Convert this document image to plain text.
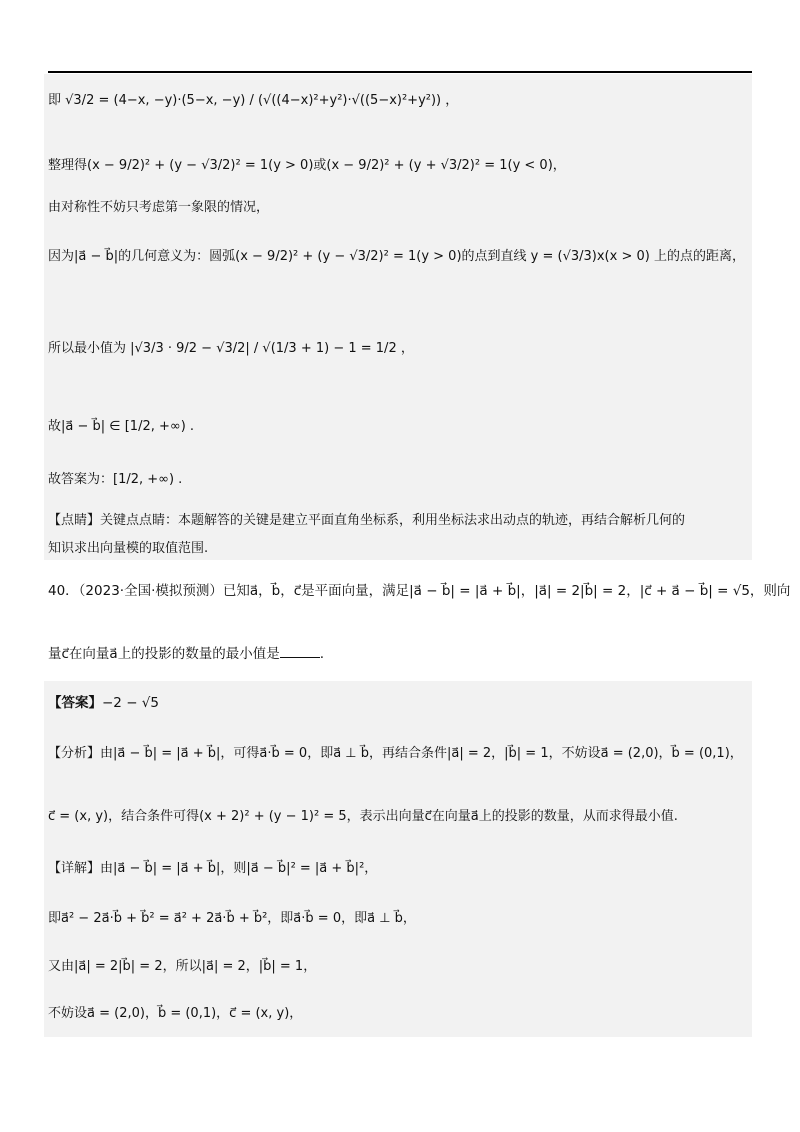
即 √3/2 = (4−x, −y)·(5−x, −y) / (√((4−x)²+y²)·√((5−x)²+y²)) ，
整理得(x − 9/2)² + (y − √3/2)² = 1(y > 0)或(x − 9/2)² + (y + √3/2)² = 1(y < 0)，
由对称性不妨只考虑第一象限的情况，
因为|a⃗ − b⃗|的几何意义为：圆弧(x − 9/2)² + (y − √3/2)² = 1(y > 0)的点到直线 y = (√3/3)x(x > 0) 上的点的距离，
所以最小值为 |√3/3 · 9/2 − √3/2| / √(1/3 + 1) − 1 = 1/2 ，
故|a⃗ − b⃗| ∈ [1/2, +∞) .
故答案为：[1/2, +∞) .
【点睛】关键点点睛：本题解答的关键是建立平面直角坐标系，利用坐标法求出动点的轨迹，再结合解析几何的
知识求出向量模的取值范围.
40．（2023·全国·模拟预测）已知a⃗，b⃗，c⃗是平面向量，满足|a⃗ − b⃗| = |a⃗ + b⃗|，|a⃗| = 2|b⃗| = 2，|c⃗ + a⃗ − b⃗| = √5，则向
量c⃗在向量a⃗上的投影的数量的最小值是	.
【答案】−2 − √5
【分析】由|a⃗ − b⃗| = |a⃗ + b⃗|，可得a⃗·b⃗ = 0，即a⃗ ⊥ b⃗，再结合条件|a⃗| = 2，|b⃗| = 1，不妨设a⃗ = (2,0)，b⃗ = (0,1)，
c⃗ = (x, y)，结合条件可得(x + 2)² + (y − 1)² = 5，表示出向量c⃗在向量a⃗上的投影的数量，从而求得最小值.
【详解】由|a⃗ − b⃗| = |a⃗ + b⃗|，则|a⃗ − b⃗|² = |a⃗ + b⃗|²，
即a⃗² − 2a⃗·b⃗ + b⃗² = a⃗² + 2a⃗·b⃗ + b⃗²，即a⃗·b⃗ = 0，即a⃗ ⊥ b⃗，
又由|a⃗| = 2|b⃗| = 2，所以|a⃗| = 2，|b⃗| = 1，
不妨设a⃗ = (2,0)，b⃗ = (0,1)，c⃗ = (x, y)，
